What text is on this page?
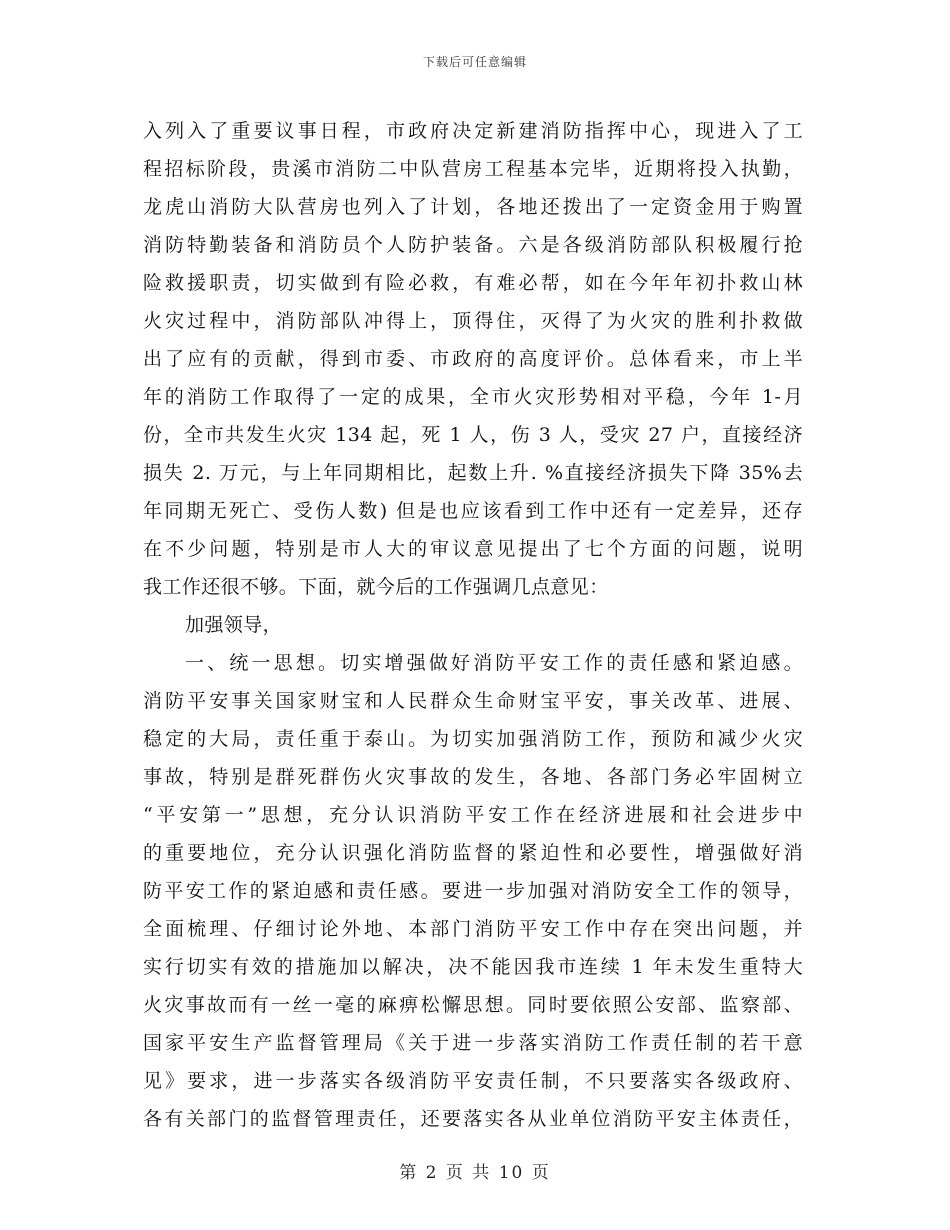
下载后可任意编辑
入列入了重要议事日程，市政府决定新建消防指挥中心，现进入了工
程招标阶段，贵溪市消防二中队营房工程基本完毕，近期将投入执勤，
龙虎山消防大队营房也列入了计划，各地还拨出了一定资金用于购置
消防特勤装备和消防员个人防护装备。六是各级消防部队积极履行抢
险救援职责，切实做到有险必救，有难必帮，如在今年年初扑救山林
火灾过程中，消防部队冲得上，顶得住，灭得了为火灾的胜利扑救做
出了应有的贡献，得到市委、市政府的高度评价。总体看来，市上半
年的消防工作取得了一定的成果，全市火灾形势相对平稳，今年 1-月
份，全市共发生火灾 134 起，死 1 人，伤 3 人，受灾 27 户，直接经济
损失 2. 万元，与上年同期相比，起数上升. %直接经济损失下降 35%去
年同期无死亡、受伤人数) 但是也应该看到工作中还有一定差异，还存
在不少问题，特别是市人大的审议意见提出了七个方面的问题，说明
我工作还很不够。下面，就今后的工作强调几点意见：
加强领导，
一、统一思想。切实增强做好消防平安工作的责任感和紧迫感。
消防平安事关国家财宝和人民群众生命财宝平安，事关改革、进展、
稳定的大局，责任重于泰山。为切实加强消防工作，预防和减少火灾
事故，特别是群死群伤火灾事故的发生，各地、各部门务必牢固树立
“平安第一”思想，充分认识消防平安工作在经济进展和社会进步中
的重要地位，充分认识强化消防监督的紧迫性和必要性，增强做好消
防平安工作的紧迫感和责任感。要进一步加强对消防安全工作的领导，
全面梳理、仔细讨论外地、本部门消防平安工作中存在突出问题，并
实行切实有效的措施加以解决，决不能因我市连续 1 年未发生重特大
火灾事故而有一丝一毫的麻痹松懈思想。同时要依照公安部、监察部、
国家平安生产监督管理局《关于进一步落实消防工作责任制的若干意
见》要求，进一步落实各级消防平安责任制，不只要落实各级政府、
各有关部门的监督管理责任，还要落实各从业单位消防平安主体责任，
第 2 页 共 10 页
